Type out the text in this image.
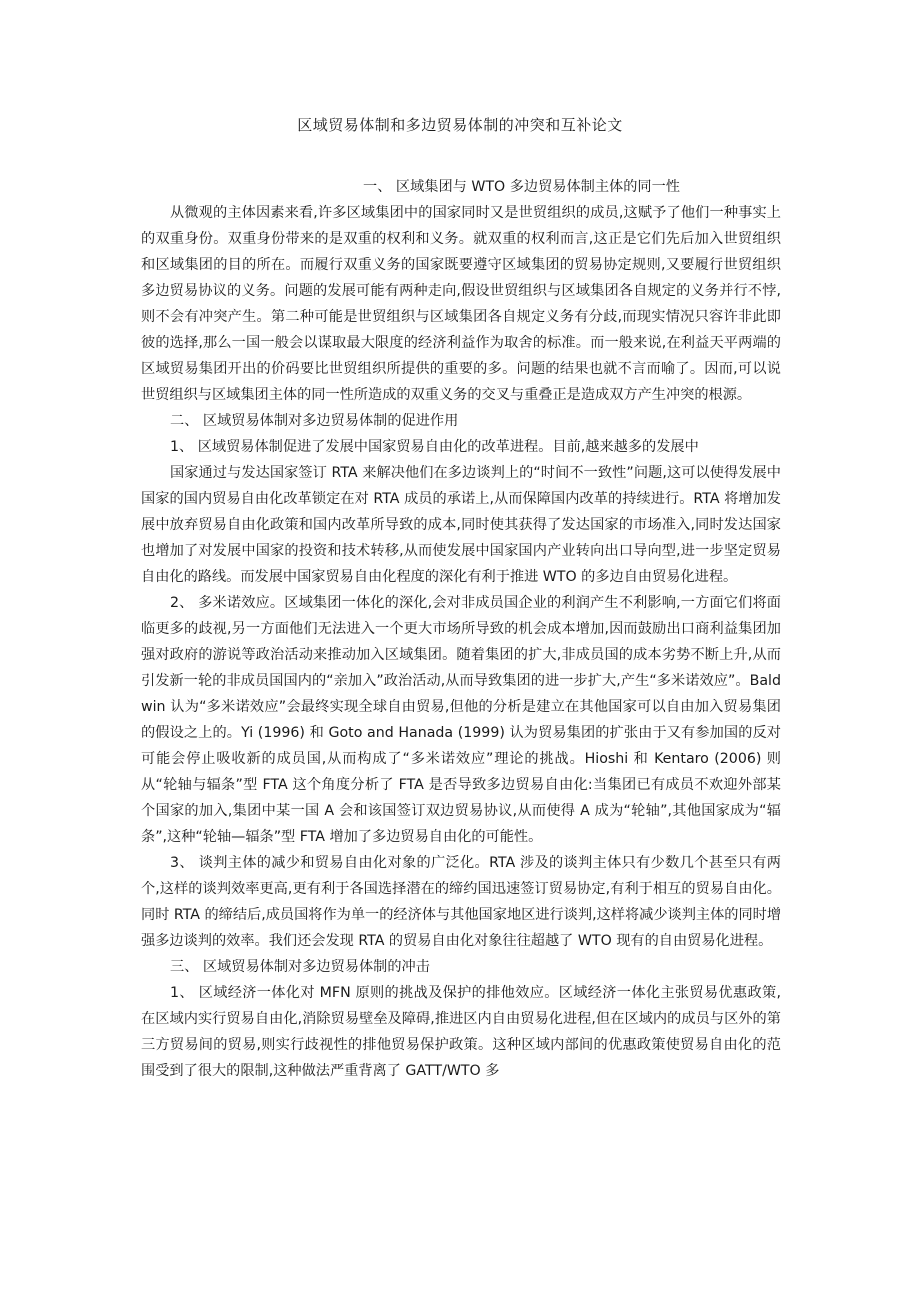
区域贸易体制和多边贸易体制的冲突和互补论文

一、 区域集团与 WTO 多边贸易体制主体的同一性

从微观的主体因素来看,许多区域集团中的国家同时又是世贸组织的成员,这赋予了他们一种事实上的双重身份。双重身份带来的是双重的权利和义务。就双重的权利而言,这正是它们先后加入世贸组织和区域集团的目的所在。而履行双重义务的国家既要遵守区域集团的贸易协定规则,又要履行世贸组织多边贸易协议的义务。问题的发展可能有两种走向,假设世贸组织与区域集团各自规定的义务并行不悖,则不会有冲突产生。第二种可能是世贸组织与区域集团各自规定义务有分歧,而现实情况只容许非此即彼的选择,那么一国一般会以谋取最大限度的经济利益作为取舍的标准。而一般来说,在利益天平两端的区域贸易集团开出的价码要比世贸组织所提供的重要的多。问题的结果也就不言而喻了。因而,可以说世贸组织与区域集团主体的同一性所造成的双重义务的交叉与重叠正是造成双方产生冲突的根源。

二、 区域贸易体制对多边贸易体制的促进作用

1、 区域贸易体制促进了发展中国家贸易自由化的改革进程。目前,越来越多的发展中

国家通过与发达国家签订 RTA 来解决他们在多边谈判上的“时间不一致性”问题,这可以使得发展中国家的国内贸易自由化改革锁定在对 RTA 成员的承诺上,从而保障国内改革的持续进行。RTA 将增加发展中放弃贸易自由化政策和国内改革所导致的成本,同时使其获得了发达国家的市场准入,同时发达国家也增加了对发展中国家的投资和技术转移,从而使发展中国家国内产业转向出口导向型,进一步坚定贸易自由化的路线。而发展中国家贸易自由化程度的深化有利于推进 WTO 的多边自由贸易化进程。

2、 多米诺效应。区域集团一体化的深化,会对非成员国企业的利润产生不利影响,一方面它们将面临更多的歧视,另一方面他们无法进入一个更大市场所导致的机会成本增加,因而鼓励出口商利益集团加强对政府的游说等政治活动来推动加入区域集团。随着集团的扩大,非成员国的成本劣势不断上升,从而引发新一轮的非成员国国内的“亲加入”政治活动,从而导致集团的进一步扩大,产生“多米诺效应”。Baldwin 认为“多米诺效应”会最终实现全球自由贸易,但他的分析是建立在其他国家可以自由加入贸易集团的假设之上的。Yi (1996) 和 Goto and Hanada (1999) 认为贸易集团的扩张由于又有参加国的反对可能会停止吸收新的成员国,从而构成了“多米诺效应”理论的挑战。Hioshi 和 Kentaro (2006) 则从“轮轴与辐条”型 FTA 这个角度分析了 FTA 是否导致多边贸易自由化:当集团已有成员不欢迎外部某个国家的加入,集团中某一国 A 会和该国签订双边贸易协议,从而使得 A 成为“轮轴”,其他国家成为“辐条”,这种“轮轴—辐条”型 FTA 增加了多边贸易自由化的可能性。

3、 谈判主体的减少和贸易自由化对象的广泛化。RTA 涉及的谈判主体只有少数几个甚至只有两个,这样的谈判效率更高,更有利于各国选择潜在的缔约国迅速签订贸易协定,有利于相互的贸易自由化。同时 RTA 的缔结后,成员国将作为单一的经济体与其他国家地区进行谈判,这样将减少谈判主体的同时增强多边谈判的效率。我们还会发现 RTA 的贸易自由化对象往往超越了 WTO 现有的自由贸易化进程。

三、 区域贸易体制对多边贸易体制的冲击

1、 区域经济一体化对 MFN 原则的挑战及保护的排他效应。区域经济一体化主张贸易优惠政策,在区域内实行贸易自由化,消除贸易壁垒及障碍,推进区内自由贸易化进程,但在区域内的成员与区外的第三方贸易间的贸易,则实行歧视性的排他贸易保护政策。这种区域内部间的优惠政策使贸易自由化的范围受到了很大的限制,这种做法严重背离了 GATT/WTO 多
